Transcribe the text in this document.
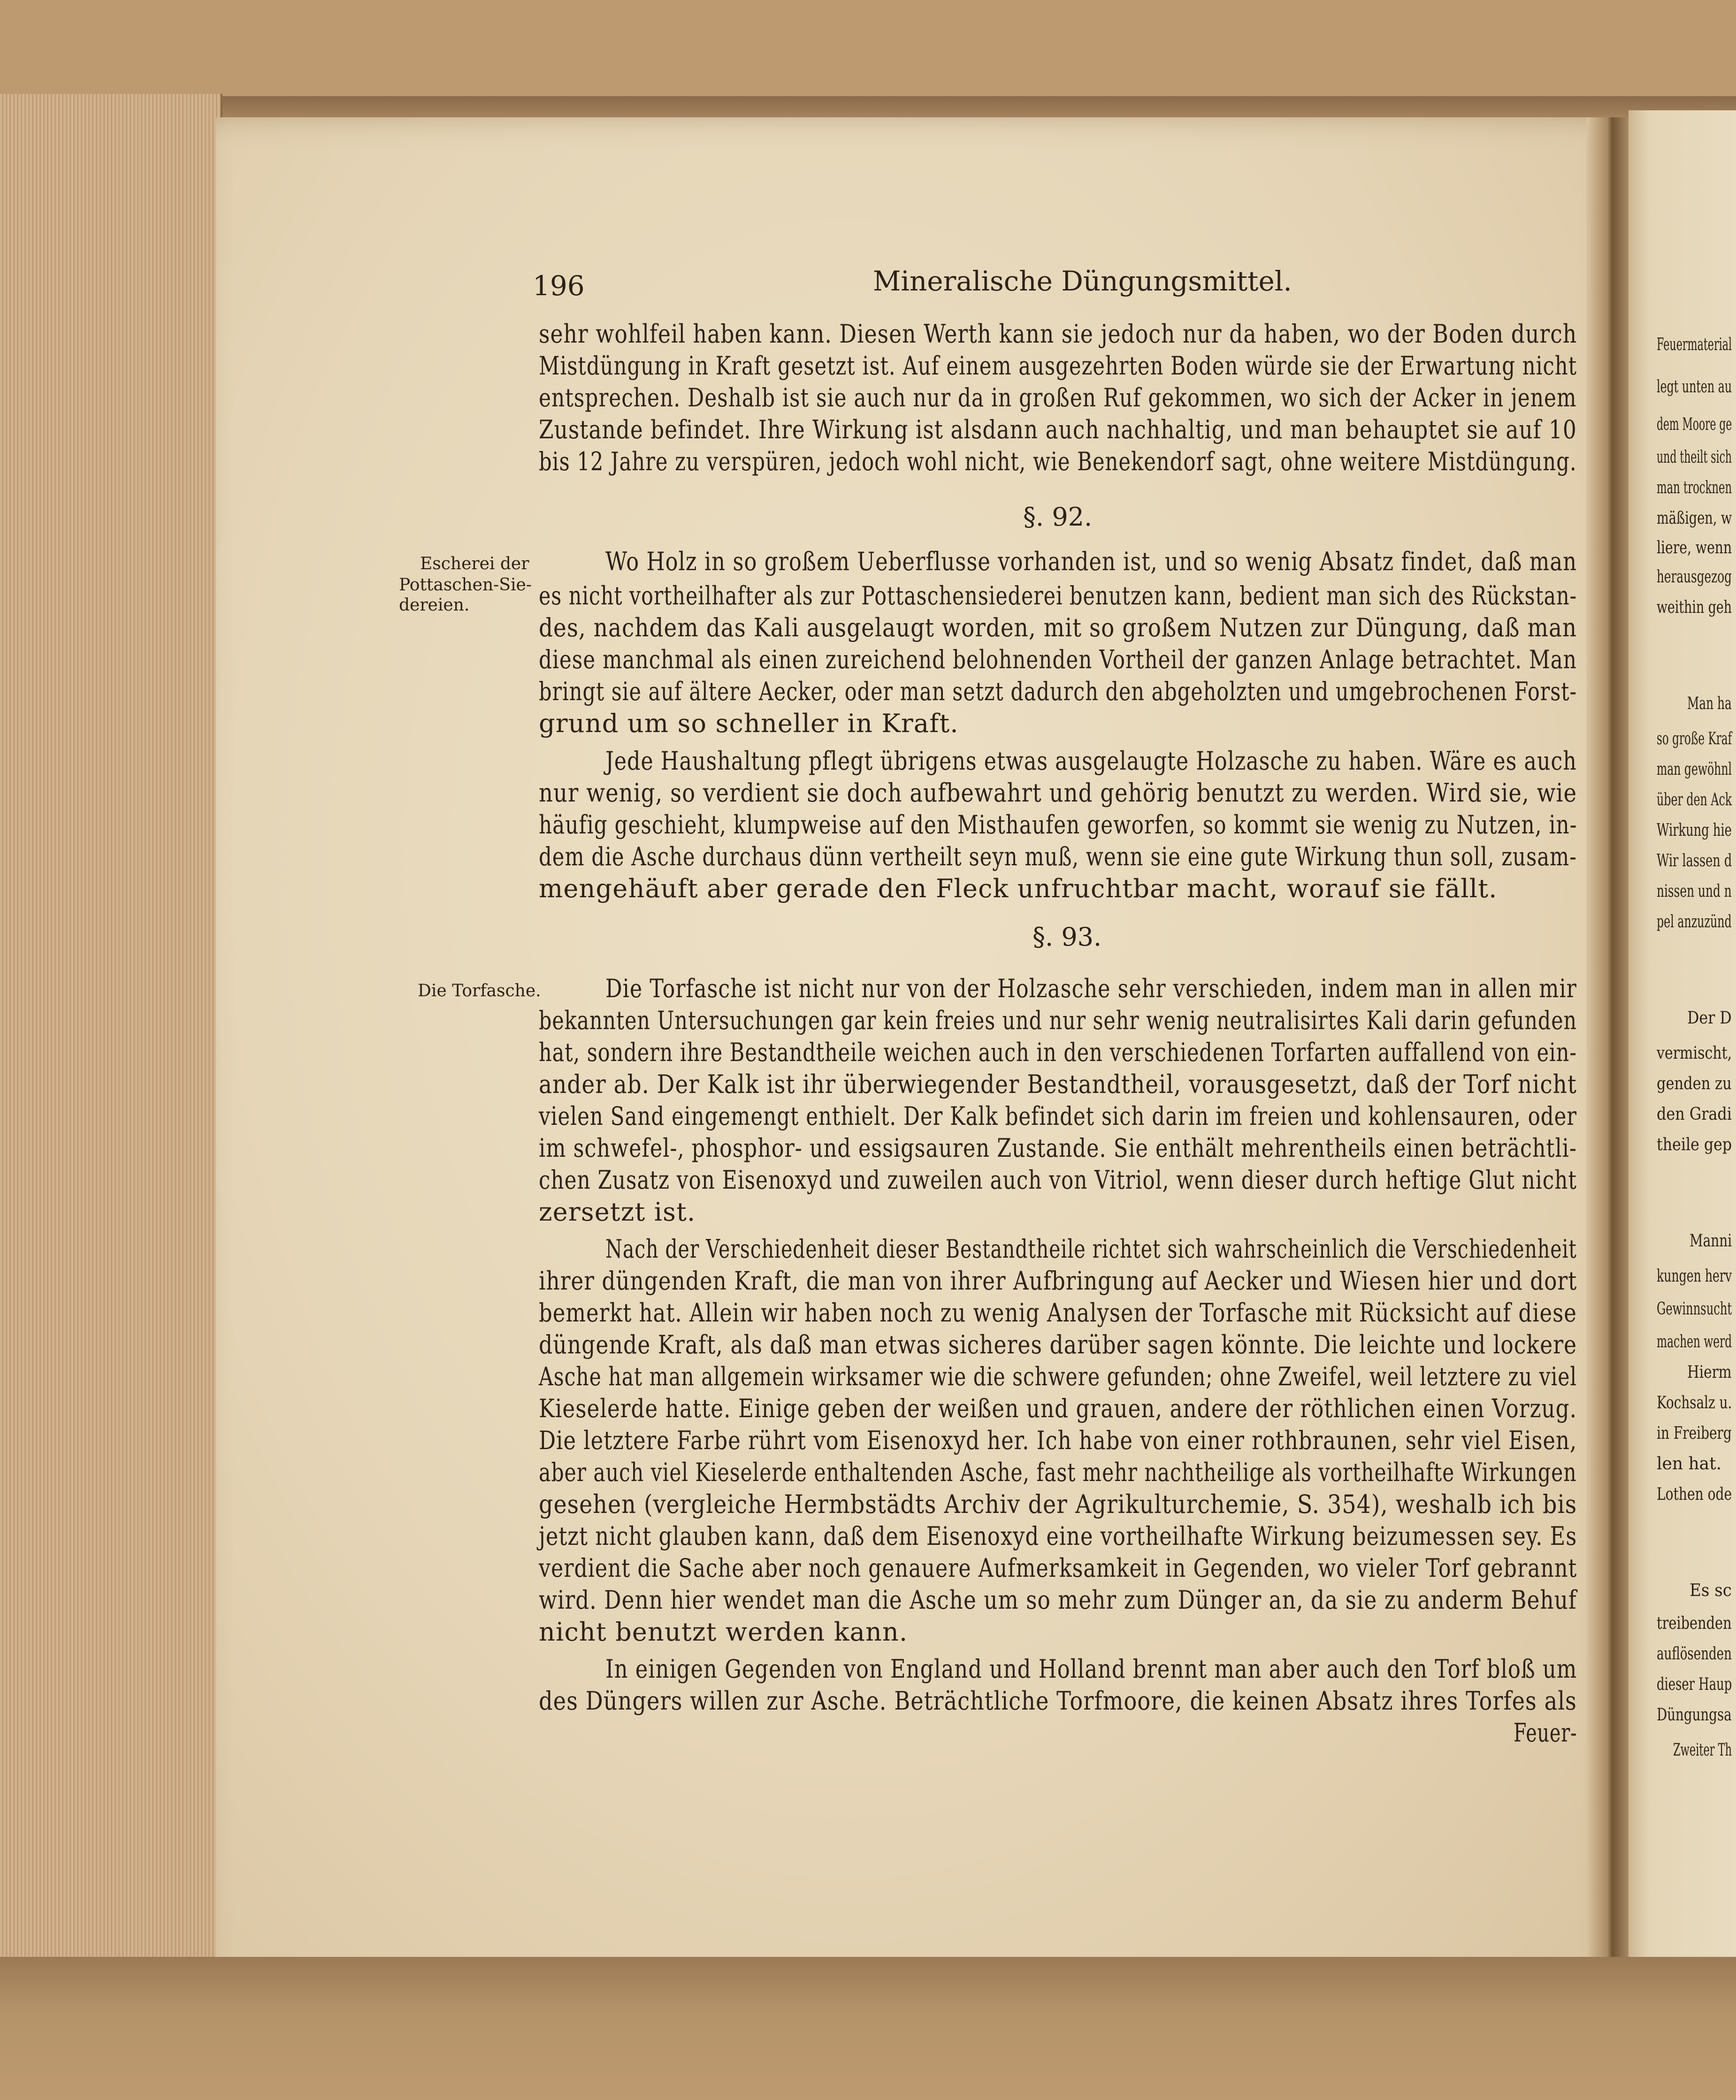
196	Mineralische Düngungsmittel.
sehr wohlfeil haben kann. Diesen Werth kann sie jedoch nur da haben, wo der Boden durch
Mistdüngung in Kraft gesetzt ist. Auf einem ausgezehrten Boden würde sie der Erwartung nicht
entsprechen. Deshalb ist sie auch nur da in großen Ruf gekommen, wo sich der Acker in jenem
Zustande befindet. Ihre Wirkung ist alsdann auch nachhaltig, und man behauptet sie auf 10
bis 12 Jahre zu verspüren, jedoch wohl nicht, wie Benekendorf sagt, ohne weitere Mistdüngung.
§. 92.
Escherei der
Pottaschen-Sie-
dereien.
Wo Holz in so großem Ueberflusse vorhanden ist, und so wenig Absatz findet, daß man
es nicht vortheilhafter als zur Pottaschensiederei benutzen kann, bedient man sich des Rückstan-
des, nachdem das Kali ausgelaugt worden, mit so großem Nutzen zur Düngung, daß man
diese manchmal als einen zureichend belohnenden Vortheil der ganzen Anlage betrachtet. Man
bringt sie auf ältere Aecker, oder man setzt dadurch den abgeholzten und umgebrochenen Forst-
grund um so schneller in Kraft.
Jede Haushaltung pflegt übrigens etwas ausgelaugte Holzasche zu haben. Wäre es auch
nur wenig, so verdient sie doch aufbewahrt und gehörig benutzt zu werden. Wird sie, wie
häufig geschieht, klumpweise auf den Misthaufen geworfen, so kommt sie wenig zu Nutzen, in-
dem die Asche durchaus dünn vertheilt seyn muß, wenn sie eine gute Wirkung thun soll, zusam-
mengehäuft aber gerade den Fleck unfruchtbar macht, worauf sie fällt.
§. 93.
Die Torfasche.	Die Torfasche ist nicht nur von der Holzasche sehr verschieden, indem man in allen mir
bekannten Untersuchungen gar kein freies und nur sehr wenig neutralisirtes Kali darin gefunden
hat, sondern ihre Bestandtheile weichen auch in den verschiedenen Torfarten auffallend von ein-
ander ab. Der Kalk ist ihr überwiegender Bestandtheil, vorausgesetzt, daß der Torf nicht
vielen Sand eingemengt enthielt. Der Kalk befindet sich darin im freien und kohlensauren, oder
im schwefel-, phosphor- und essigsauren Zustande. Sie enthält mehrentheils einen beträchtli-
chen Zusatz von Eisenoxyd und zuweilen auch von Vitriol, wenn dieser durch heftige Glut nicht
zersetzt ist.
Nach der Verschiedenheit dieser Bestandtheile richtet sich wahrscheinlich die Verschiedenheit
ihrer düngenden Kraft, die man von ihrer Aufbringung auf Aecker und Wiesen hier und dort
bemerkt hat. Allein wir haben noch zu wenig Analysen der Torfasche mit Rücksicht auf diese
düngende Kraft, als daß man etwas sicheres darüber sagen könnte. Die leichte und lockere
Asche hat man allgemein wirksamer wie die schwere gefunden; ohne Zweifel, weil letztere zu viel
Kieselerde hatte. Einige geben der weißen und grauen, andere der röthlichen einen Vorzug.
Die letztere Farbe rührt vom Eisenoxyd her. Ich habe von einer rothbraunen, sehr viel Eisen,
aber auch viel Kieselerde enthaltenden Asche, fast mehr nachtheilige als vortheilhafte Wirkungen
gesehen (vergleiche Hermbstädts Archiv der Agrikulturchemie, S. 354), weshalb ich bis
jetzt nicht glauben kann, daß dem Eisenoxyd eine vortheilhafte Wirkung beizumessen sey. Es
verdient die Sache aber noch genauere Aufmerksamkeit in Gegenden, wo vieler Torf gebrannt
wird. Denn hier wendet man die Asche um so mehr zum Dünger an, da sie zu anderm Behuf
nicht benutzt werden kann.
In einigen Gegenden von England und Holland brennt man aber auch den Torf bloß um
des Düngers willen zur Asche. Beträchtliche Torfmoore, die keinen Absatz ihres Torfes als
Feuer-
Feuermaterial
legt unten au
dem Moore ge
und theilt sich
man trocknen
mäßigen, w
liere, wenn
herausgezog
weithin geh
Man ha
so große Kraf
man gewöhnl
über den Ack
Wirkung hie
Wir lassen d
nissen und n
pel anzuzünd
Der D
vermischt,
genden zu
den Gradi
theile gep
Manni
kungen herv
Gewinnsucht
machen werd
Hierm
Kochsalz u.
in Freiberg
len hat.
Lothen ode
Es sc
treibenden
auflösenden
dieser Haup
Düngungsa
Zweiter Th
